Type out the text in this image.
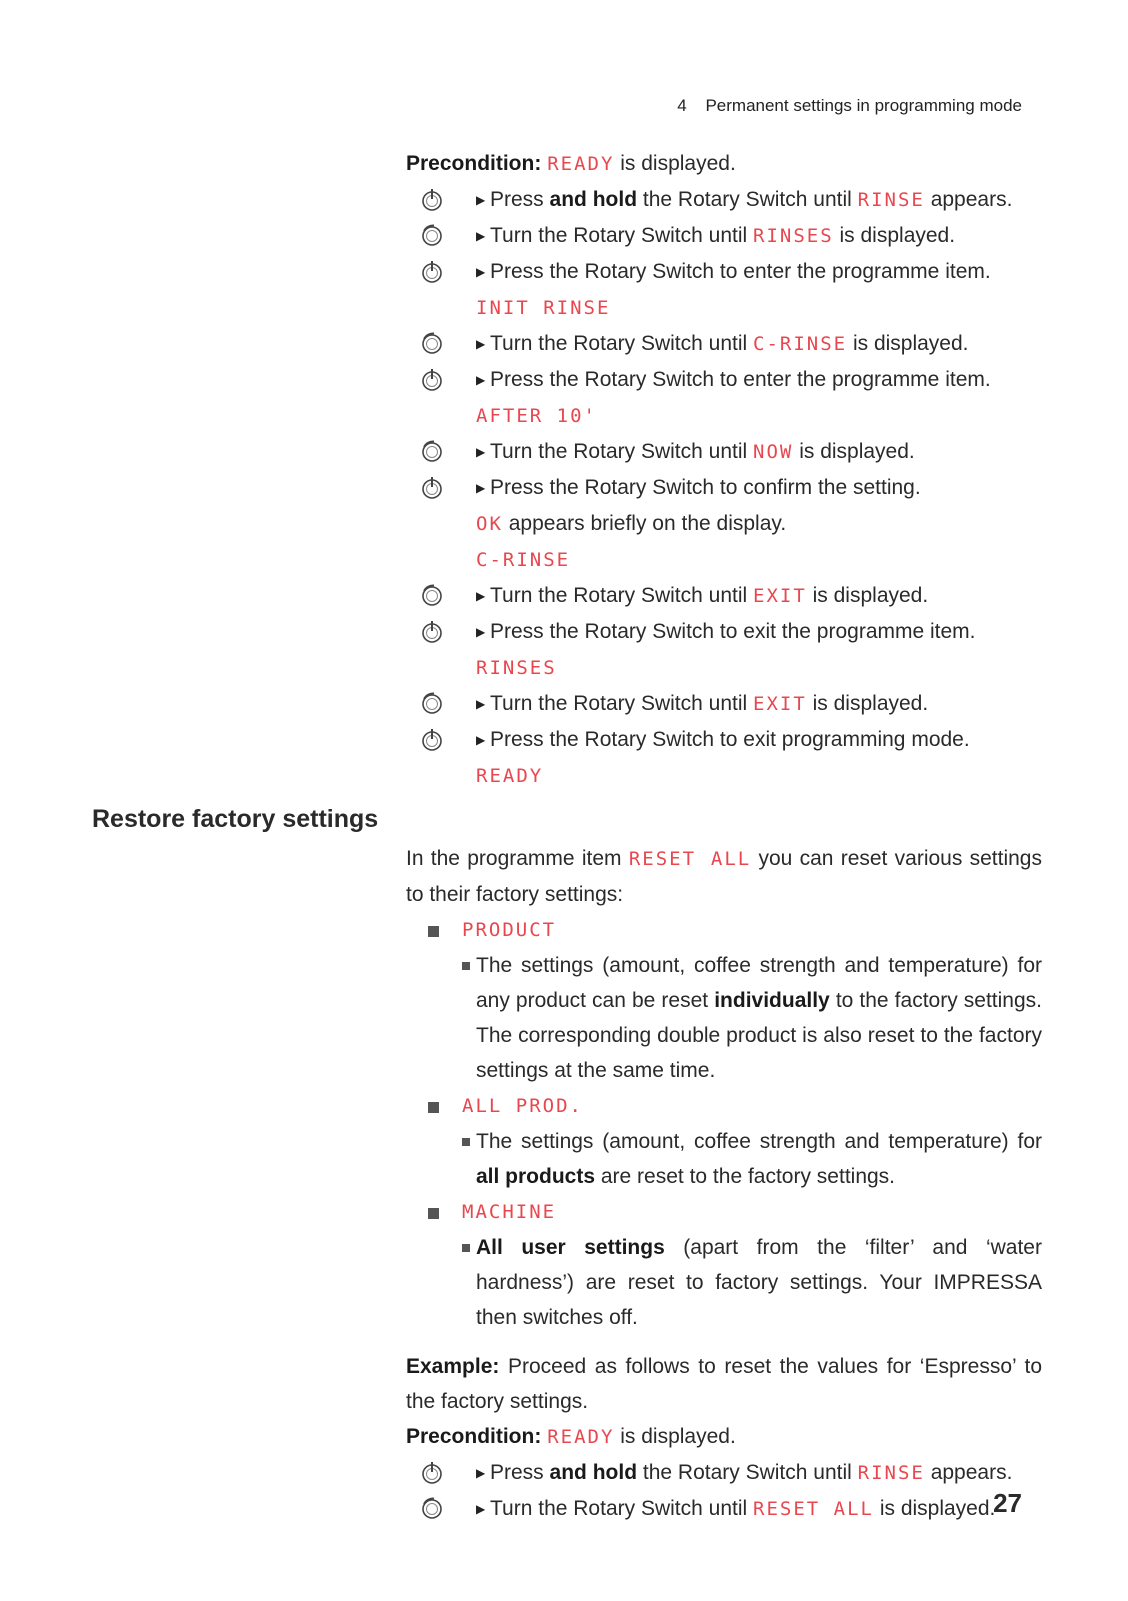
4 Permanent settings in programming mode
Restore factory settings
Precondition: READY is displayed.
▶ Press and hold the Rotary Switch until RINSE appears.
▶ Turn the Rotary Switch until RINSES is displayed.
▶ Press the Rotary Switch to enter the programme item.
INIT RINSE
▶ Turn the Rotary Switch until C-RINSE is displayed.
▶ Press the Rotary Switch to enter the programme item.
AFTER 10'
▶ Turn the Rotary Switch until NOW is displayed.
▶ Press the Rotary Switch to confirm the setting.
OK appears briefly on the display.
C-RINSE
▶ Turn the Rotary Switch until EXIT is displayed.
▶ Press the Rotary Switch to exit the programme item.
RINSES
▶ Turn the Rotary Switch until EXIT is displayed.
▶ Press the Rotary Switch to exit programming mode.
READY
In the programme item RESET ALL you can reset various settings to their factory settings:
PRODUCT
The settings (amount, coffee strength and temperature) for any product can be reset individually to the factory settings. The corresponding double product is also reset to the factory settings at the same time.
ALL PROD.
The settings (amount, coffee strength and temperature) for all products are reset to the factory settings.
MACHINE
All user settings (apart from the ‘filter’ and ‘water hardness’) are reset to factory settings. Your IMPRESSA then switches off.
Example: Proceed as follows to reset the values for ‘Espresso’ to the factory settings.
Precondition: READY is displayed.
▶ Press and hold the Rotary Switch until RINSE appears.
▶ Turn the Rotary Switch until RESET ALL is displayed.
27
